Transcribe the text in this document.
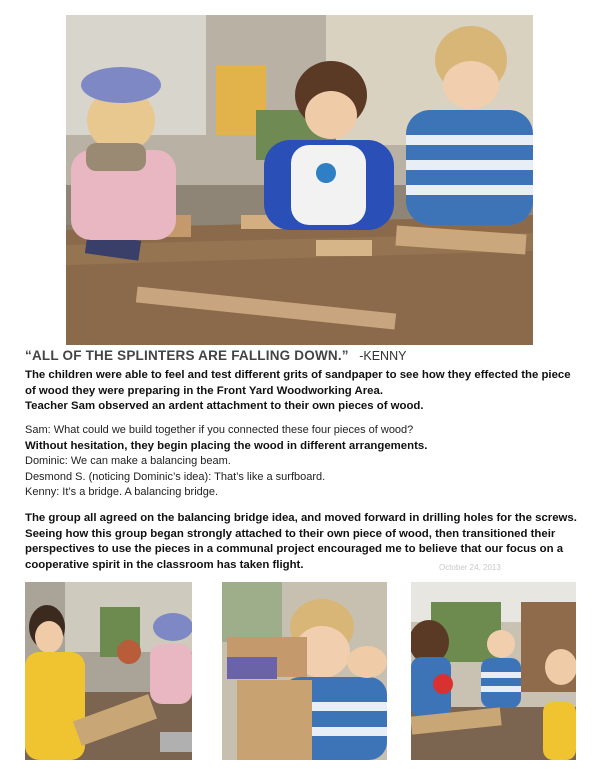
“ALL OF THE SPLINTERS ARE FALLING DOWN.” -KENNY

The children were able to feel and test different grits of sandpaper to see how they effected the piece of wood they were preparing in the Front Yard Woodworking Area.

Teacher Sam observed an ardent attachment to their own pieces of wood.

Sam: What could we build together if you connected these four pieces of wood?

Without hesitation, they begin placing the wood in different arrangements.

Dominic: We can make a balancing beam.

Desmond S. (noticing Dominic’s idea): That’s like a surfboard.

Kenny: It’s a bridge. A balancing bridge.

The group all agreed on the balancing bridge idea, and moved forward in drilling holes for the screws. Seeing how this group began strongly attached to their own piece of wood, then transitioned their perspectives to use the pieces in a communal project encouraged me to believe that our focus on a cooperative spirit in the classroom has taken flight.	October 24, 2013
